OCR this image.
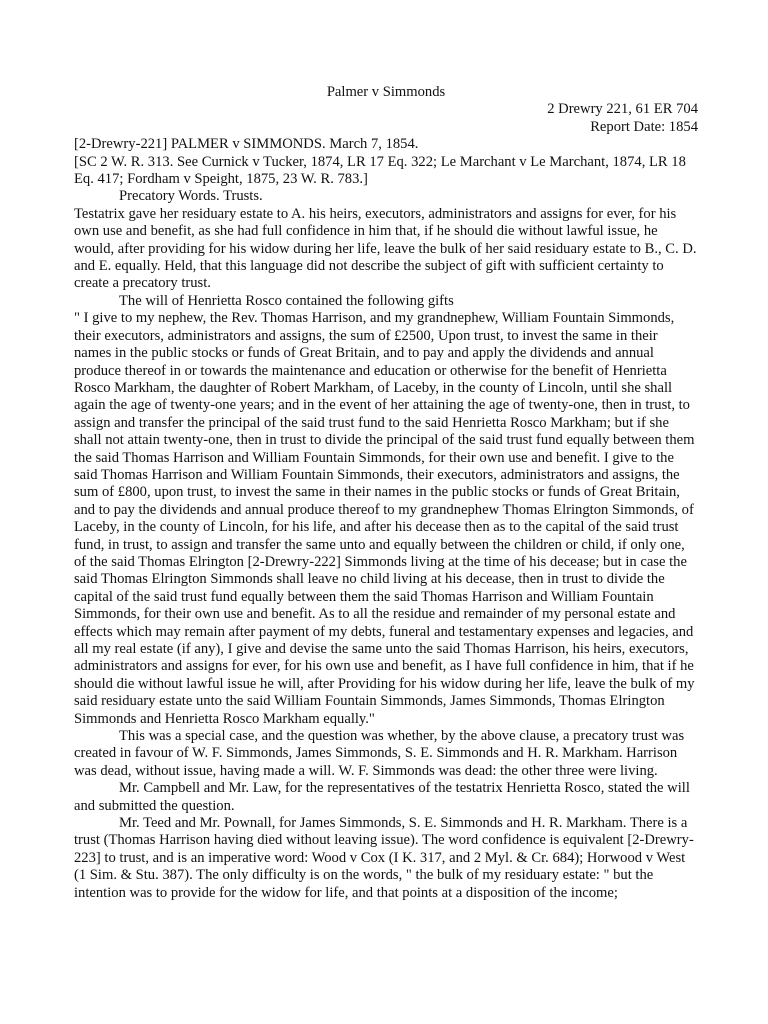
Palmer v Simmonds

2 Drewry 221, 61 ER 704

Report Date: 1854

[2-Drewry-221] PALMER v SIMMONDS. March 7, 1854.

[SC 2 W. R. 313. See Curnick v Tucker, 1874, LR 17 Eq. 322; Le Marchant v Le Marchant, 1874, LR 18 Eq. 417; Fordham v Speight, 1875, 23 W. R. 783.]

Precatory Words. Trusts.

Testatrix gave her residuary estate to A. his heirs, executors, administrators and assigns for ever, for his own use and benefit, as she had full confidence in him that, if he should die without lawful issue, he would, after providing for his widow during her life, leave the bulk of her said residuary estate to B., C. D. and E. equally. Held, that this language did not describe the subject of gift with sufficient certainty to create a precatory trust.

The will of Henrietta Rosco contained the following gifts

" I give to my nephew, the Rev. Thomas Harrison, and my grandnephew, William Fountain Simmonds, their executors, administrators and assigns, the sum of £2500, Upon trust, to invest the same in their names in the public stocks or funds of Great Britain, and to pay and apply the dividends and annual produce thereof in or towards the maintenance and education or otherwise for the benefit of Henrietta Rosco Markham, the daughter of Robert Markham, of Laceby, in the county of Lincoln, until she shall again the age of twenty-one years; and in the event of her attaining the age of twenty-one, then in trust, to assign and transfer the principal of the said trust fund to the said Henrietta Rosco Markham; but if she shall not attain twenty-one, then in trust to divide the principal of the said trust fund equally between them the said Thomas Harrison and William Fountain Simmonds, for their own use and benefit. I give to the said Thomas Harrison and William Fountain Simmonds, their executors, administrators and assigns, the sum of £800, upon trust, to invest the same in their names in the public stocks or funds of Great Britain, and to pay the dividends and annual produce thereof to my grandnephew Thomas Elrington Simmonds, of Laceby, in the county of Lincoln, for his life, and after his decease then as to the capital of the said trust fund, in trust, to assign and transfer the same unto and equally between the children or child, if only one, of the said Thomas Elrington [2-Drewry-222] Simmonds living at the time of his decease; but in case the said Thomas Elrington Simmonds shall leave no child living at his decease, then in trust to divide the capital of the said trust fund equally between them the said Thomas Harrison and William Fountain Simmonds, for their own use and benefit. As to all the residue and remainder of my personal estate and effects which may remain after payment of my debts, funeral and testamentary expenses and legacies, and all my real estate (if any), I give and devise the same unto the said Thomas Harrison, his heirs, executors, administrators and assigns for ever, for his own use and benefit, as I have full confidence in him, that if he should die without lawful issue he will, after Providing for his widow during her life, leave the bulk of my said residuary estate unto the said William Fountain Simmonds, James Simmonds, Thomas Elrington Simmonds and Henrietta Rosco Markham equally."

This was a special case, and the question was whether, by the above clause, a precatory trust was created in favour of W. F. Simmonds, James Simmonds, S. E. Simmonds and H. R. Markham. Harrison was dead, without issue, having made a will. W. F. Simmonds was dead: the other three were living.

Mr. Campbell and Mr. Law, for the representatives of the testatrix Henrietta Rosco, stated the will and submitted the question.

Mr. Teed and Mr. Pownall, for James Simmonds, S. E. Simmonds and H. R. Markham. There is a trust (Thomas Harrison having died without leaving issue). The word confidence is equivalent [2-Drewry-223] to trust, and is an imperative word: Wood v Cox (I K. 317, and 2 Myl. & Cr. 684); Horwood v West (1 Sim. & Stu. 387). The only difficulty is on the words, " the bulk of my residuary estate: " but the intention was to provide for the widow for life, and that points at a disposition of the income;
